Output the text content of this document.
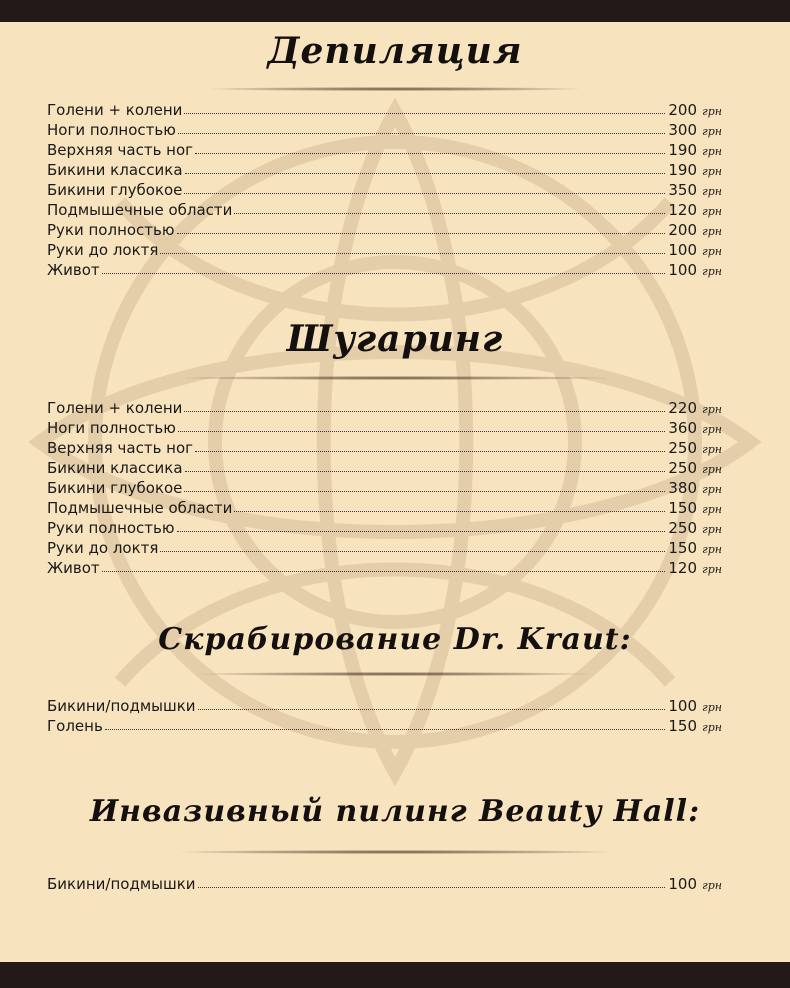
Депиляция
Голени + колени	200 грн
Ноги полностью	300 грн
Верхняя часть ног	190 грн
Бикини классика	190 грн
Бикини глубокое	350 грн
Подмышечные области	120 грн
Руки полностью	200 грн
Руки до локтя	100 грн
Живот	100 грн
Шугаринг
Голени + колени	220 грн
Ноги полностью	360 грн
Верхняя часть ног	250 грн
Бикини классика	250 грн
Бикини глубокое	380 грн
Подмышечные области	150 грн
Руки полностью	250 грн
Руки до локтя	150 грн
Живот	120 грн
Скрабирование Dr. Kraut:
Бикини/подмышки	100 грн
Голень	150 грн
Инвазивный пилинг Beauty Hall:
Бикини/подмышки	100 грн
